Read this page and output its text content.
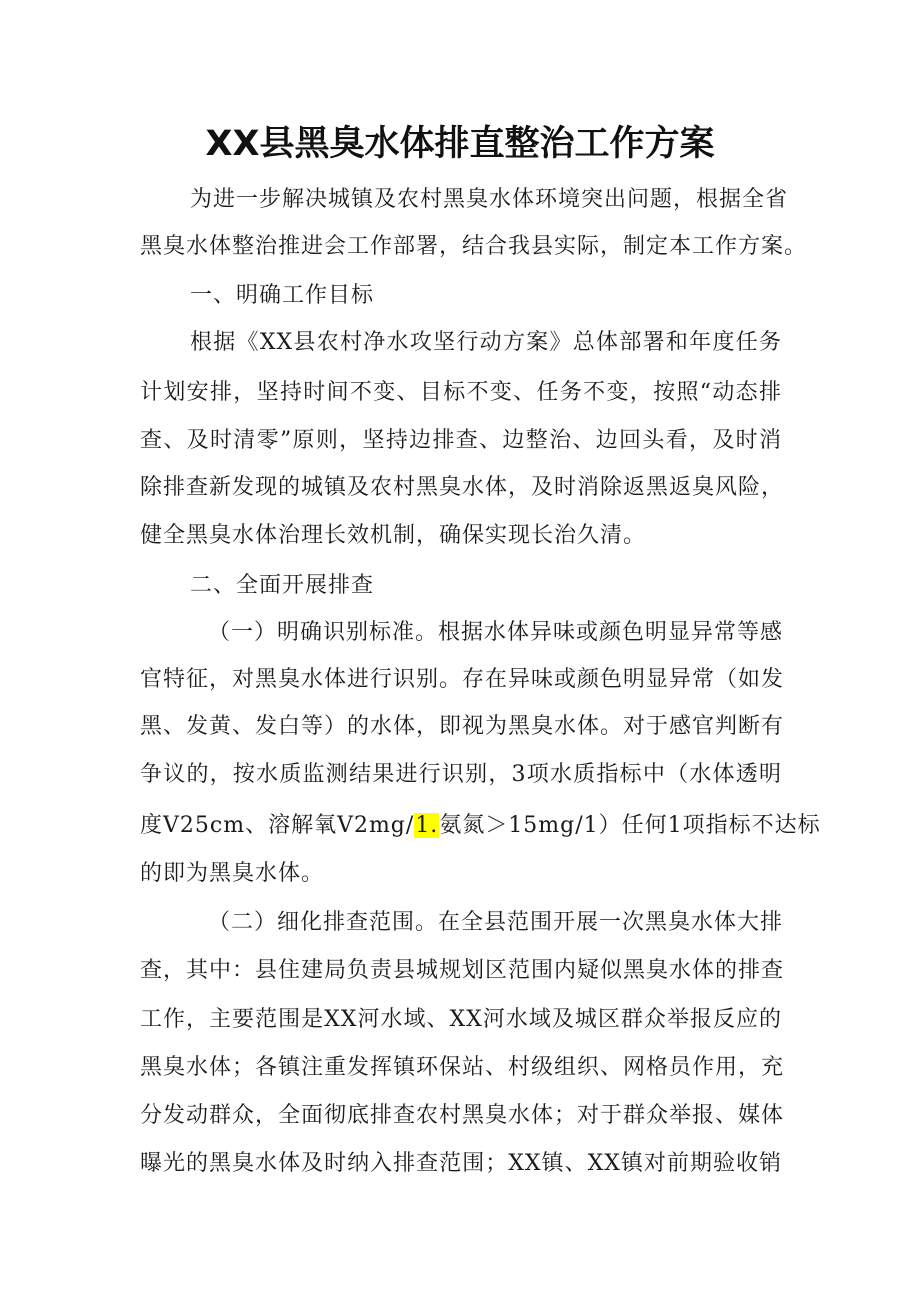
XX县黑臭水体排直整治工作方案
为进一步解决城镇及农村黑臭水体环境突出问题，根据全省
黑臭水体整治推进会工作部署，结合我县实际，制定本工作方案。
一、明确工作目标
根据《XX县农村净水攻坚行动方案》总体部署和年度任务
计划安排，坚持时间不变、目标不变、任务不变，按照“动态排
查、及时清零”原则，坚持边排查、边整治、边回头看，及时消
除排查新发现的城镇及农村黑臭水体，及时消除返黑返臭风险，
健全黑臭水体治理长效机制，确保实现长治久清。
二、全面开展排查
（一）明确识别标准。根据水体异味或颜色明显异常等感
官特征，对黑臭水体进行识别。存在异味或颜色明显异常（如发
黑、发黄、发白等）的水体，即视为黑臭水体。对于感官判断有
争议的，按水质监测结果进行识别，3项水质指标中（水体透明
度V25cm、溶解氧V2mg/1.氨氮＞15mg/1）任何1项指标不达标
的即为黑臭水体。
（二）细化排查范围。在全县范围开展一次黑臭水体大排
查，其中：县住建局负责县城规划区范围内疑似黑臭水体的排查
工作，主要范围是XX河水域、XX河水域及城区群众举报反应的
黑臭水体；各镇注重发挥镇环保站、村级组织、网格员作用，充
分发动群众，全面彻底排查农村黑臭水体；对于群众举报、媒体
曝光的黑臭水体及时纳入排查范围；XX镇、XX镇对前期验收销
